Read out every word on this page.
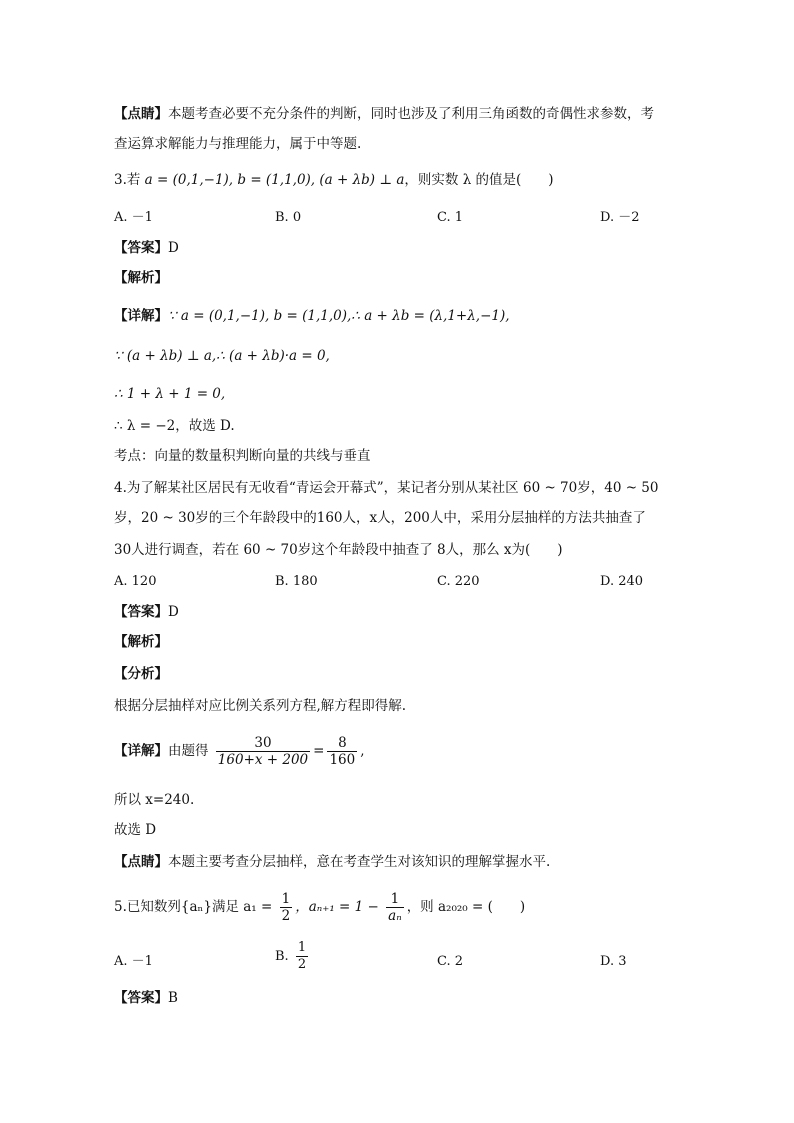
【点睛】本题考查必要不充分条件的判断，同时也涉及了利用三角函数的奇偶性求参数，考
查运算求解能力与推理能力，属于中等题.
3.若 a = (0,1,−1), b = (1,1,0), (a + λb) ⊥ a，则实数 λ 的值是(　　)
A. －1	B. 0	C. 1	D. －2
【答案】D
【解析】
【详解】∵ a = (0,1,−1), b = (1,1,0),∴ a + λb = (λ,1+λ,−1),
∵ (a + λb) ⊥ a,∴ (a + λb)·a = 0,
∴ 1 + λ + 1 = 0,
∴ λ = −2，故选 D.
考点：向量的数量积判断向量的共线与垂直
4.为了解某社区居民有无收看“青运会开幕式”，某记者分别从某社区 60 ~ 70岁，40 ~ 50
岁，20 ~ 30岁的三个年龄段中的160人，x人，200人中，采用分层抽样的方法共抽查了
30人进行调查，若在 60 ~ 70岁这个年龄段中抽查了 8人，那么 x为(　　)
A. 120	B. 180	C. 220	D. 240
【答案】D
【解析】
【分析】
根据分层抽样对应比例关系列方程,解方程即得解.
【详解】由题得 $\frac{30}{160+x + 200} = \frac{8}{160}$ ,
所以 x=240.
故选 D
【点睛】本题主要考查分层抽样，意在考查学生对该知识的理解掌握水平.
5.已知数列{aₙ}满足 $a_1 = \frac{1}{2}$ ，$a_{n+1} = 1 - \frac{1}{\text{aₙ}}$ ，则 a₂₀₂₀ = (　　)
A. －1	B. $\frac{1}{2}$	C. 2	D. 3
【答案】B
